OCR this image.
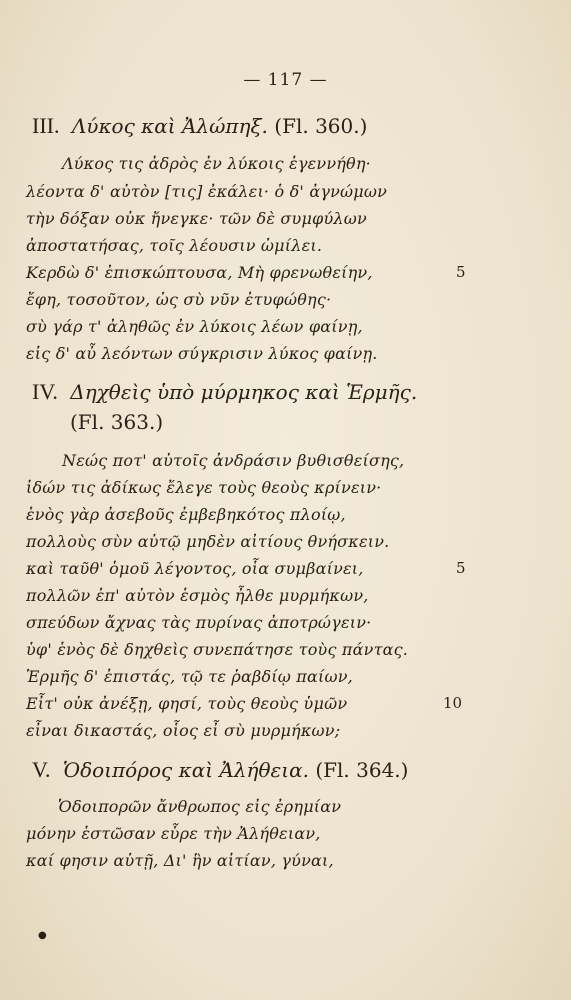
— 117 —
III. Λύκος καὶ Ἀλώπηξ. (Fl. 360.)
Λύκος τις ἀδρὸς ἐν λύκοις ἐγεννήθη·
λέοντα δ' αὐτὸν [τις] ἐκάλει· ὁ δ' ἀγνώμων
τὴν δόξαν οὐκ ἤνεγκε· τῶν δὲ συμφύλων
ἀποστατήσας, τοῖς λέουσιν ὡμίλει.
Κερδὼ δ' ἐπισκώπτουσα, Μὴ φρενωθείην,	5
ἔφη, τοσοῦτον, ὡς σὺ νῦν ἐτυφώθης·
σὺ γάρ τ' ἀληθῶς ἐν λύκοις λέων φαίνῃ,
εἰς δ' αὖ λεόντων σύγκρισιν λύκος φαίνῃ.
IV. Δηχθεὶς ὑπὸ μύρμηκος καὶ Ἑρμῆς.
(Fl. 363.)
Νεώς ποτ' αὐτοῖς ἀνδράσιν βυθισθείσης,
ἰδών τις ἀδίκως ἔλεγε τοὺς θεοὺς κρίνειν·
ἑνὸς γὰρ ἀσεβοῦς ἐμβεβηκότος πλοίῳ,
πολλοὺς σὺν αὐτῷ μηδὲν αἰτίους θνήσκειν.
καὶ ταῦθ' ὁμοῦ λέγοντος, οἷα συμβαίνει,	5
πολλῶν ἐπ' αὐτὸν ἑσμὸς ἦλθε μυρμήκων,
σπεύδων ἄχνας τὰς πυρίνας ἀποτρώγειν·
ὑφ' ἑνὸς δὲ δηχθεὶς συνεπάτησε τοὺς πάντας.
Ἑρμῆς δ' ἐπιστάς, τῷ τε ῥαβδίῳ παίων,
Εἶτ' οὐκ ἀνέξῃ, φησί, τοὺς θεοὺς ὑμῶν	10
εἶναι δικαστάς, οἷος εἶ σὺ μυρμήκων;
V. Ὁδοιπόρος καὶ Ἀλήθεια. (Fl. 364.)
Ὁδοιπορῶν ἄνθρωπος εἰς ἐρημίαν
μόνην ἑστῶσαν εὗρε τὴν Ἀλήθειαν,
καί φησιν αὐτῇ, Δι' ἣν αἰτίαν, γύναι,
●
